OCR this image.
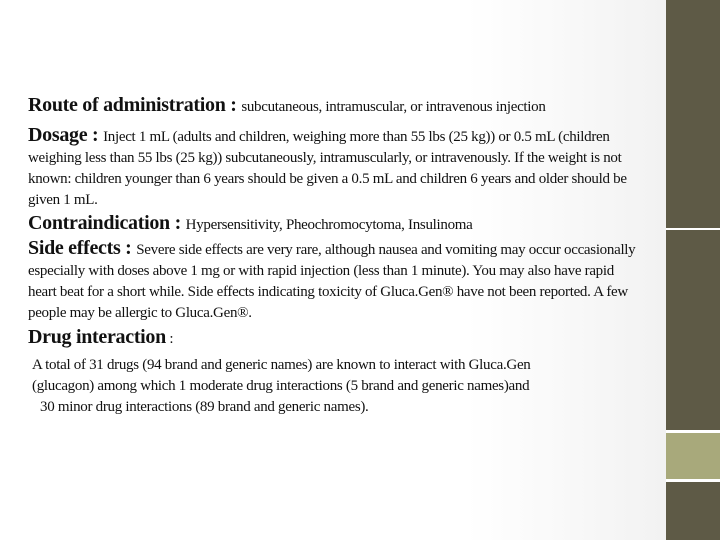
Route of administration : subcutaneous, intramuscular, or intravenous injection

Dosage : Inject 1 mL (adults and children, weighing more than 55 lbs (25 kg)) or 0.5 mL (children weighing less than 55 lbs (25 kg)) subcutaneously, intramuscularly, or intravenously. If the weight is not known: children younger than 6 years should be given a 0.5 mL and children 6 years and older should be given 1 mL.

Contraindication : Hypersensitivity, Pheochromocytoma, Insulinoma

Side effects : Severe side effects are very rare, although nausea and vomiting may occur occasionally especially with doses above 1 mg or with rapid injection (less than 1 minute). You may also have rapid heart beat for a short while. Side effects indicating toxicity of Gluca.Gen® have not been reported. A few people may be allergic to Gluca.Gen®.

Drug interaction :
A total of 31 drugs (94 brand and generic names) are known to interact with Gluca.Gen
(glucagon) among which 1 moderate drug interactions (5 brand and generic names)and
30 minor drug interactions (89 brand and generic names).
